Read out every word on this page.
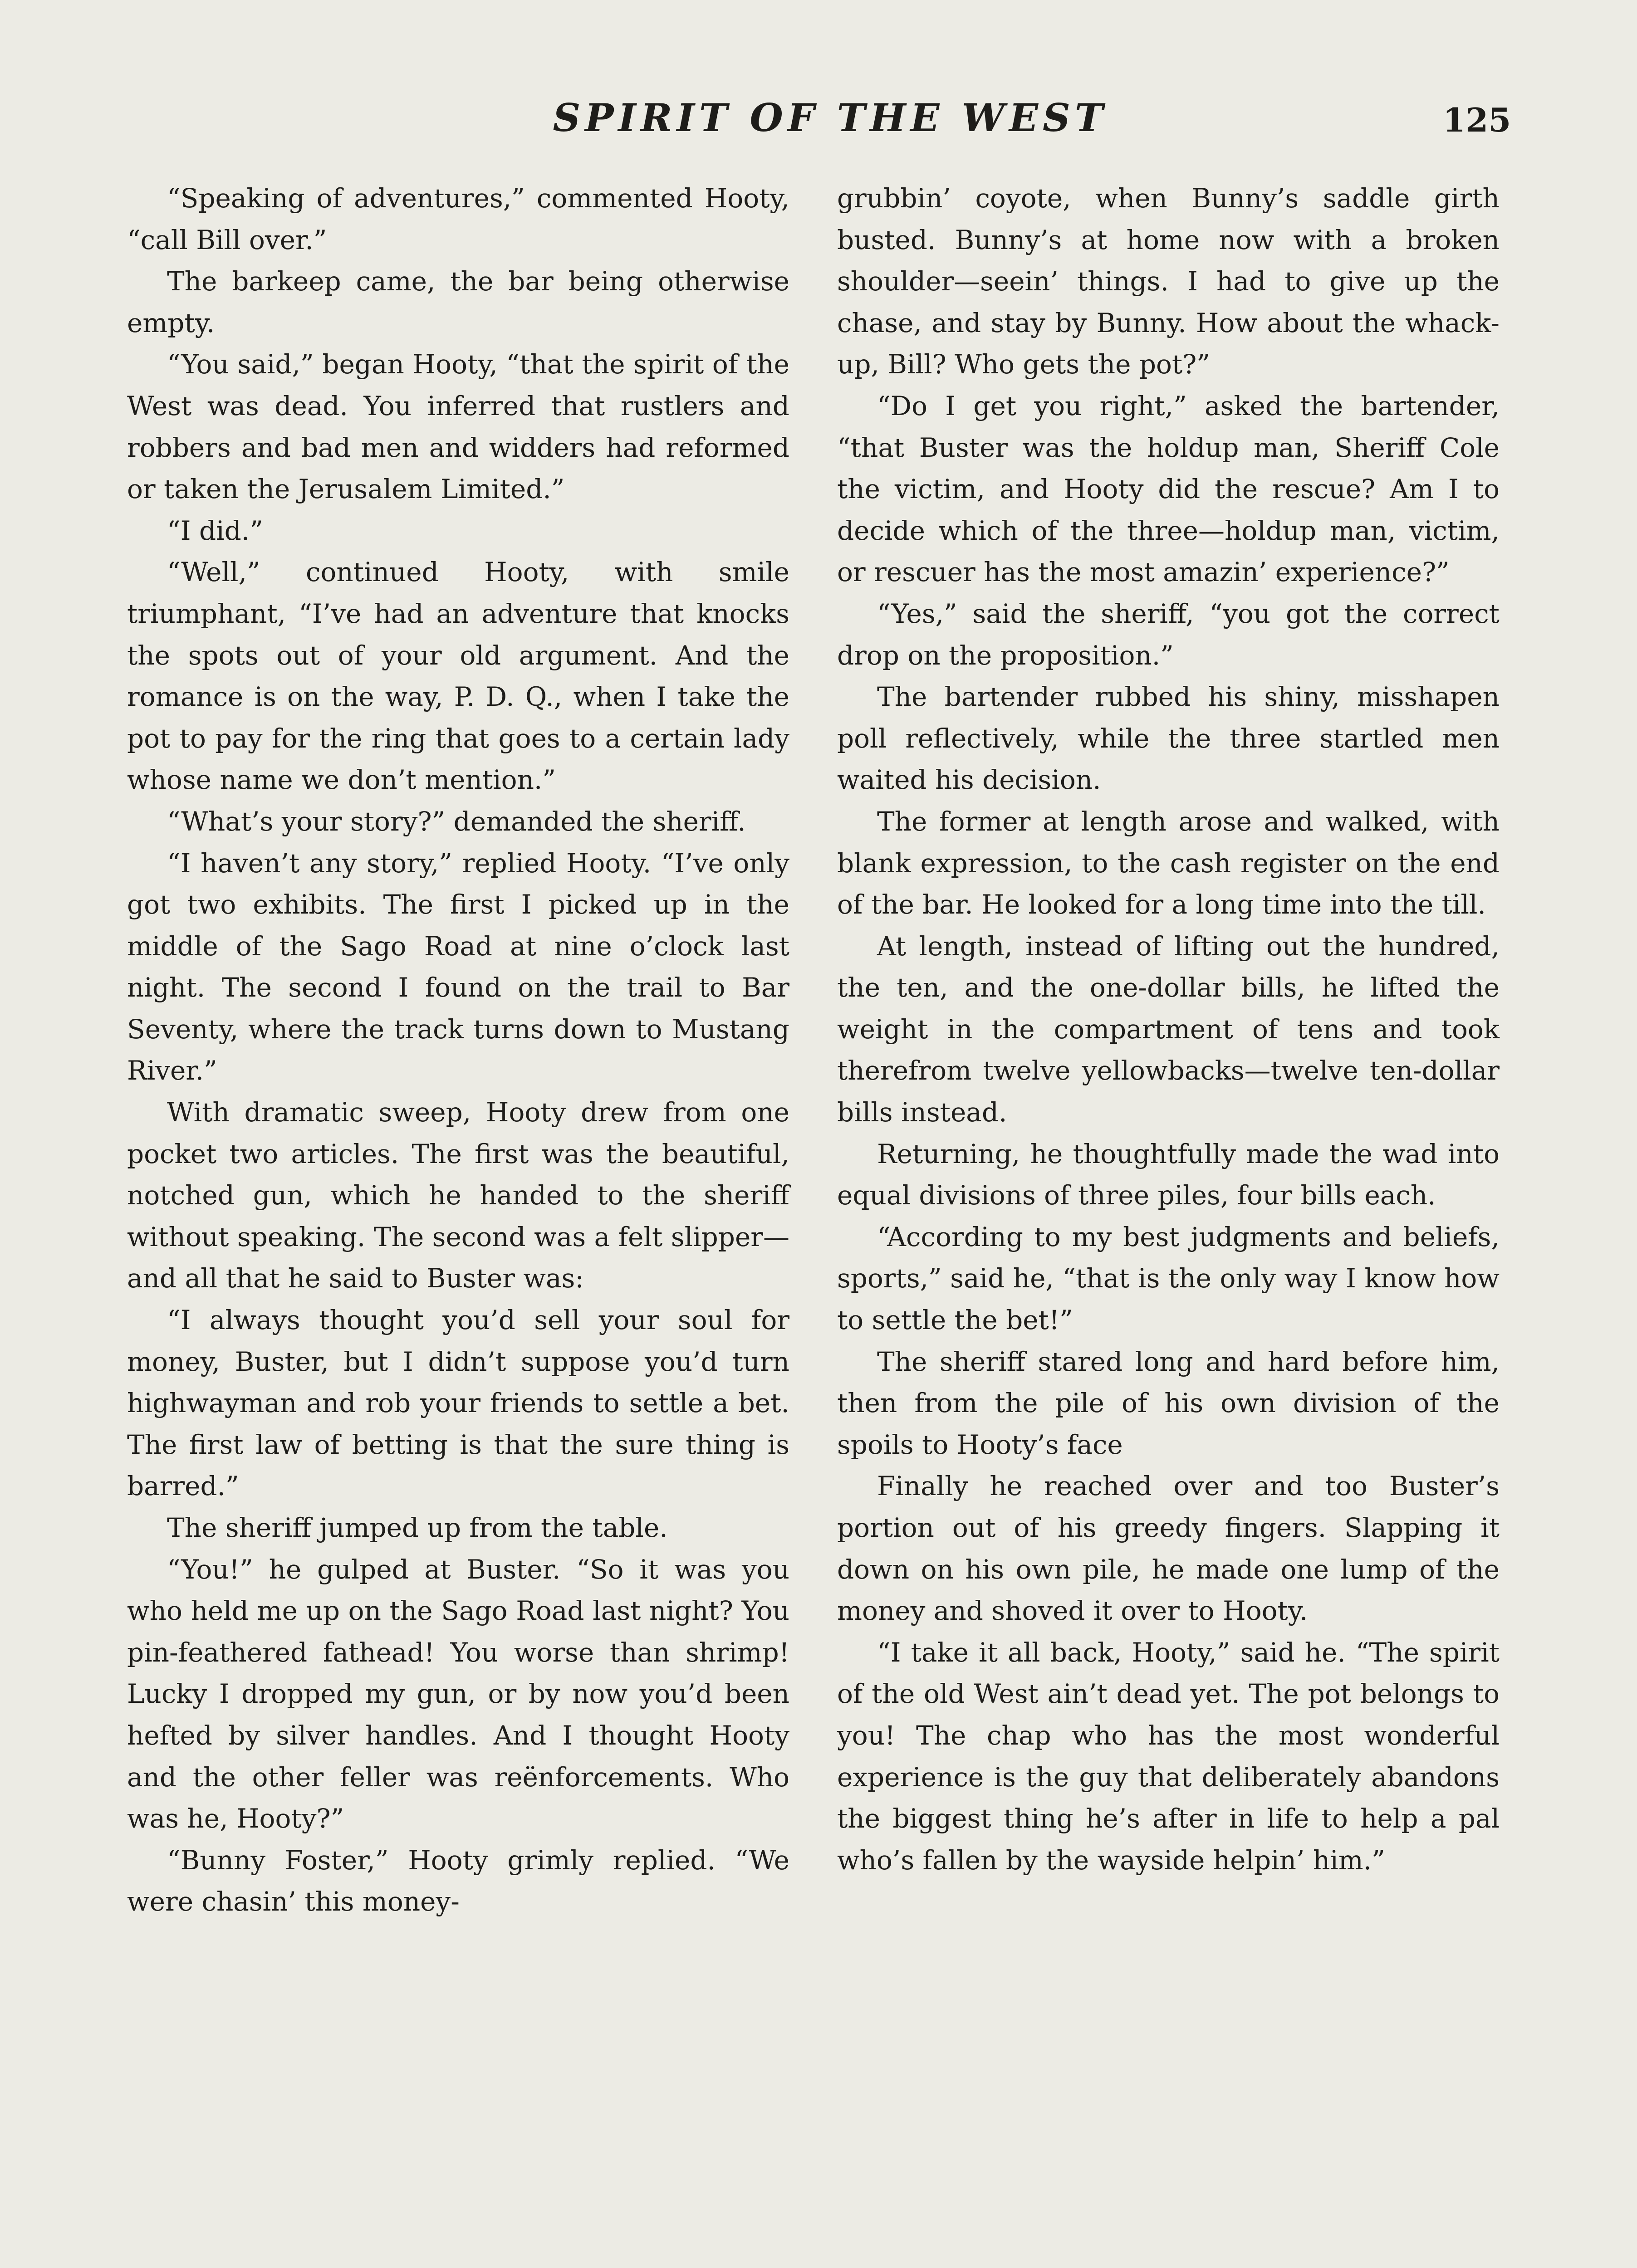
SPIRIT OF THE WEST	125

“Speaking of adventures,” commented Hooty, “call Bill over.”

The barkeep came, the bar being otherwise empty.

“You said,” began Hooty, “that the spirit of the West was dead. You inferred that rustlers and robbers and bad men and widders had reformed or taken the Jerusalem Limited.”

“I did.”

“Well,” continued Hooty, with smile triumphant, “I’ve had an adventure that knocks the spots out of your old argument. And the romance is on the way, P. D. Q., when I take the pot to pay for the ring that goes to a certain lady whose name we don’t mention.”

“What’s your story?” demanded the sheriff.

“I haven’t any story,” replied Hooty. “I’ve only got two exhibits. The first I picked up in the middle of the Sago Road at nine o’clock last night. The second I found on the trail to Bar Seventy, where the track turns down to Mustang River.”

With dramatic sweep, Hooty drew from one pocket two articles. The first was the beautiful, notched gun, which he handed to the sheriff without speaking. The second was a felt slipper—and all that he said to Buster was:

“I always thought you’d sell your soul for money, Buster, but I didn’t suppose you’d turn highwayman and rob your friends to settle a bet. The first law of betting is that the sure thing is barred.”

The sheriff jumped up from the table.

“You!” he gulped at Buster. “So it was you who held me up on the Sago Road last night? You pin-feathered fathead! You worse than shrimp! Lucky I dropped my gun, or by now you’d been hefted by silver handles. And I thought Hooty and the other feller was reënforcements. Who was he, Hooty?”

“Bunny Foster,” Hooty grimly replied. “We were chasin’ this money-

grubbin’ coyote, when Bunny’s saddle girth busted. Bunny’s at home now with a broken shoulder—seein’ things. I had to give up the chase, and stay by Bunny. How about the whack-up, Bill? Who gets the pot?”

“Do I get you right,” asked the bartender, “that Buster was the holdup man, Sheriff Cole the victim, and Hooty did the rescue? Am I to decide which of the three—holdup man, victim, or rescuer has the most amazin’ experience?”

“Yes,” said the sheriff, “you got the correct drop on the proposition.”

The bartender rubbed his shiny, misshapen poll reflectively, while the three startled men waited his decision.

The former at length arose and walked, with blank expression, to the cash register on the end of the bar. He looked for a long time into the till.

At length, instead of lifting out the hundred, the ten, and the one-dollar bills, he lifted the weight in the compartment of tens and took therefrom twelve yellowbacks—twelve ten-dollar bills instead.

Returning, he thoughtfully made the wad into equal divisions of three piles, four bills each.

“According to my best judgments and beliefs, sports,” said he, “that is the only way I know how to settle the bet!”

The sheriff stared long and hard before him, then from the pile of his own division of the spoils to Hooty’s face

Finally he reached over and too Buster’s portion out of his greedy fingers. Slapping it down on his own pile, he made one lump of the money and shoved it over to Hooty.

“I take it all back, Hooty,” said he. “The spirit of the old West ain’t dead yet. The pot belongs to you! The chap who has the most wonderful experience is the guy that deliberately abandons the biggest thing he’s after in life to help a pal who’s fallen by the wayside helpin’ him.”
